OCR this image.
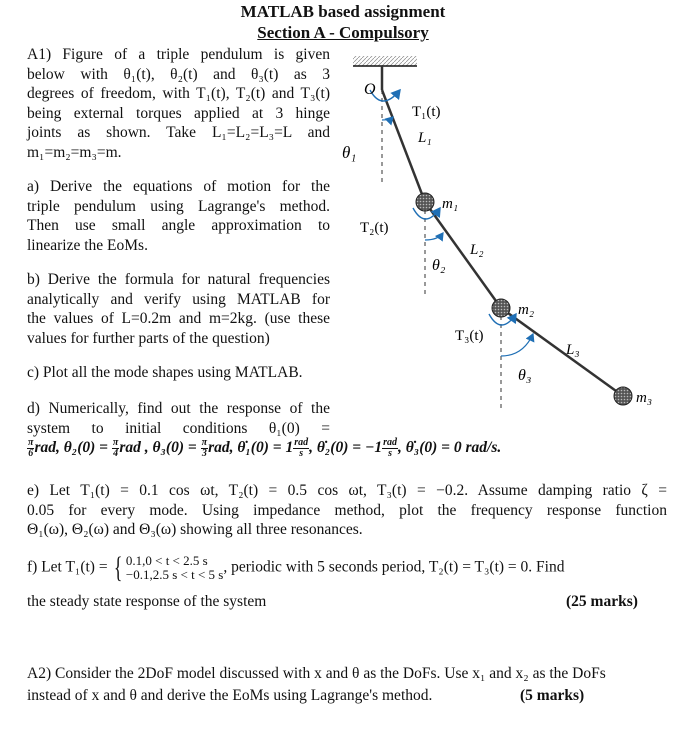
MATLAB based assignment
Section A - Compulsory
A1) Figure of a triple pendulum is given
below with θ₁(t), θ₂(t) and θ₃(t) as 3
degrees of freedom, with T₁(t), T₂(t) and T₃(t)
being external torques applied at 3 hinge
joints as shown. Take L₁=L₂=L₃=L and
m₁=m₂=m₃=m.
a) Derive the equations of motion for the
triple pendulum using Lagrange's method.
Then use small angle approximation to
linearize the EoMs.
b) Derive the formula for natural frequencies
analytically and verify using MATLAB for
the values of L=0.2m and m=2kg. (use these
values for further parts of the question)
c) Plot all the mode shapes using MATLAB.
d) Numerically, find out the response of the
system to initial conditions θ₁(0) =
$\frac{\pi}{6}$ rad, $\theta_2(0) = \frac{\pi}{4}$ rad , $\theta_3(0) = \frac{\pi}{3}$ rad, θ̇₁(0) = $1 \frac{\text{rad}}{s}$ , θ̇₂(0) = $-1 \frac{\text{rad}}{s}$ , θ̇₃(0) = 0 rad/s.
e) Let T₁(t) = 0.1 cos ωt, T₂(t) = 0.5 cos ωt, T₃(t) = −0.2. Assume damping ratio ζ =
0.05 for every mode. Using impedance method, plot the frequency response function
Θ₁(ω), Θ₂(ω) and Θ₃(ω) showing all three resonances.
f) Let T₁(t) = { 0.1,0 < t < 2.5 s
−0.1,2.5 s < t < 5 s , periodic with 5 seconds period, T₂(t) = T₃(t) = 0. Find
the steady state response of the system	(25 marks)
A2) Consider the 2DoF model discussed with x and θ as the DoFs. Use x₁ and x₂ as the DoFs
instead of x and θ and derive the EoMs using Lagrange's method.	(5 marks)
O
T₁(t)
L₁
θ₁
m₁
T₂(t)
L₂
θ₂
m₂
T₃(t)
L₃
θ₃
m₃
